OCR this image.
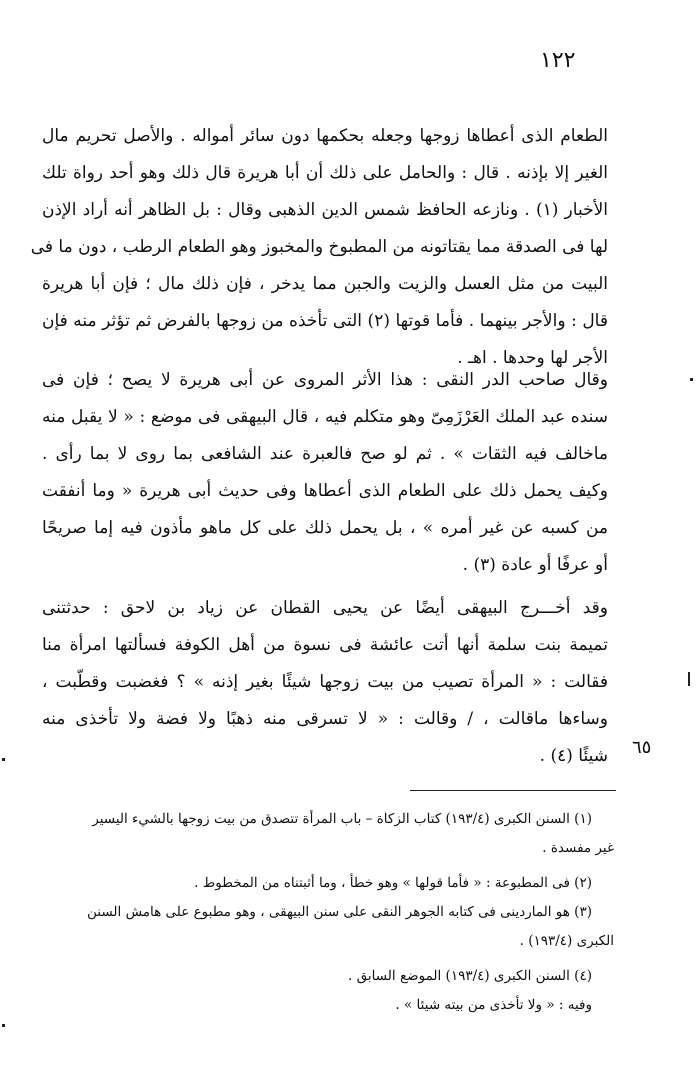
١٢٢
الطعام الذى أعطاها زوجها وجعله بحكمها دون سائر أمواله . والأصل تحريم مال
الغير إلا بإذنه . قال : والحامل على ذلك أن أبا هريرة قال ذلك وهو أحد رواة تلك
الأخبار (١) . ونازعه الحافظ شمس الدين الذهبى وقال : بل الظاهر أنه أراد الإذن
لها فى الصدقة مما يقتاتونه من المطبوخ والمخبوز وهو الطعام الرطب ، دون ما فى
البيت من مثل العسل والزيت والجبن مما يدخر ، فإن ذلك مال ؛ فإن أبا هريرة
قال : والأجر بينهما . فأما قوتها (٢) التى تأخذه من زوجها بالفرض ثم تؤثر منه فإن
الأجر لها وحدها . اهـ .
وقال صاحب الدر النقى : هذا الأثر المروى عن أبى هريرة لا يصح ؛ فإن فى
سنده عبد الملك العَرْزَمِىّ وهو متكلم فيه ، قال البيهقى فى موضع : « لا يقبل منه
ماخالف فيه الثقات » . ثم لو صح فالعبرة عند الشافعى بما روى لا بما رأى .
وكيف يحمل ذلك على الطعام الذى أعطاها وفى حديث أبى هريرة « وما أنفقت
من كسبه عن غير أمره » ، بل يحمل ذلك على كل ماهو مأذون فيه إما صريحًا
أو عرفًا أو عادة (٣) .
وقد أخـــرج البيهقى أيضًا عن يحيى القطان عن زياد بن لاحق : حدثتنى
تميمة بنت سلمة أنها أتت عائشة فى نسوة من أهل الكوفة فسألتها امرأة منا
فقالت : « المرأة تصيب من بيت زوجها شيئًا بغير إذنه » ؟ فغضبت وقطّبت ،
وساءها ماقالت ، / وقالت : « لا تسرقى منه ذهبًا ولا فضة ولا تأخذى منه
شيئًا (٤) . ٦٥
(١) السنن الكبرى (١٩٣/٤) كتاب الزكاة – باب المرأة تتصدق من بيت زوجها بالشيء اليسير
غير مفسدة .
(٢) فى المطبوعة : « فأما قولها » وهو خطأ ، وما أثبتناه من المخطوط .
(٣) هو الماردينى فى كتابه الجوهر النقى على سنن البيهقى ، وهو مطبوع على هامش السنن
الكبرى (١٩٣/٤) .
(٤) السنن الكبرى (١٩٣/٤) الموضع السابق .
وفيه : « ولا تأخذى من بيته شيئا » .
